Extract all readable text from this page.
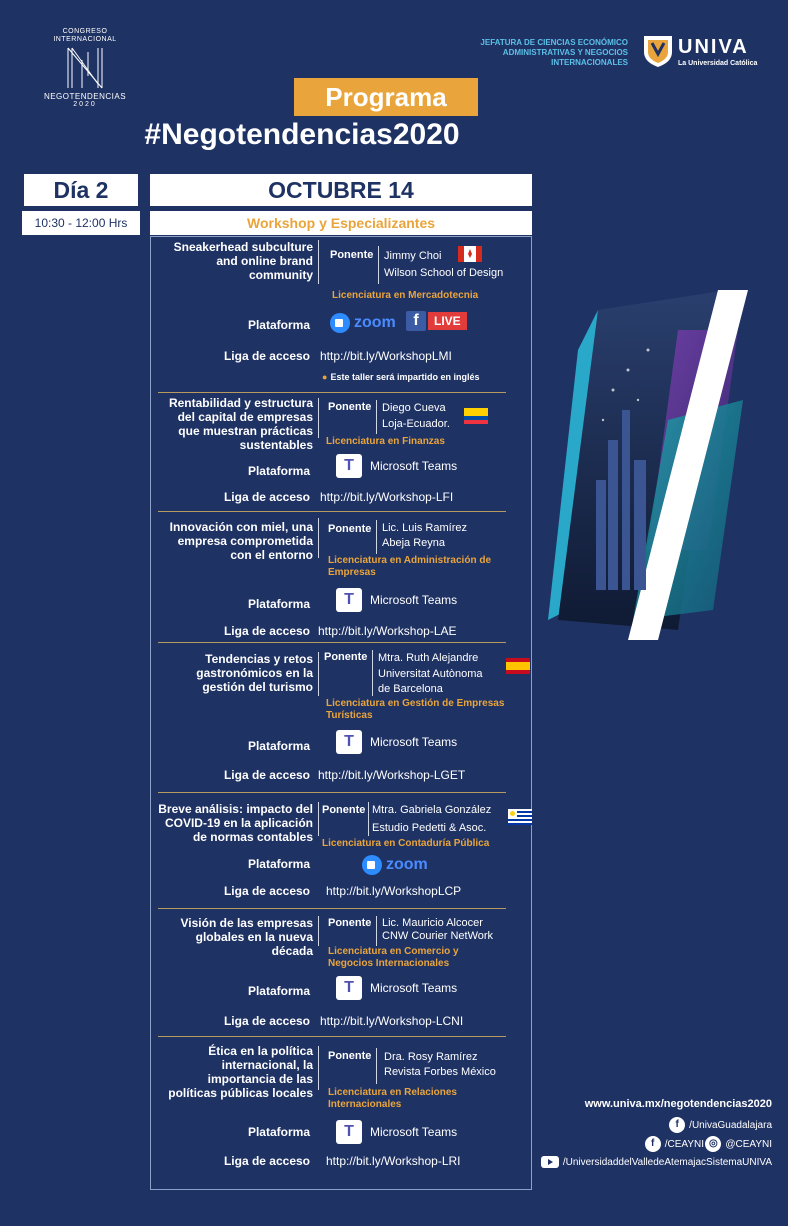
CONGRESO
INTERNACIONAL
NEGOTENDENCIAS
2020
JEFATURA DE CIENCIAS ECONÓMICO ADMINISTRATIVAS Y NEGOCIOS INTERNACIONALES
UNIVA
La Universidad Católica
Programa
#Negotendencias2020
Día 2
10:30 - 12:00 Hrs
OCTUBRE 14
Workshop y Especializantes
Sneakerhead subculture and online brand community
Ponente Jimmy Choi
Wilson School of Design
Licenciatura en Mercadotecnia
Plataforma	zoom	f	LIVE
Liga de acceso http://bit.ly/WorkshopLMI
● Este taller será impartido en inglés
Rentabilidad y estructura del capital de empresas que muestran prácticas sustentables
Ponente Diego Cueva
Loja-Ecuador.
Licenciatura en Finanzas
Plataforma	T	Microsoft Teams
Liga de acceso http://bit.ly/Workshop-LFI
Innovación con miel, una empresa comprometida con el entorno
Ponente Lic. Luis Ramírez
Abeja Reyna
Licenciatura en Administración de Empresas
Plataforma	T	Microsoft Teams
Liga de acceso http://bit.ly/Workshop-LAE
Tendencias y retos gastronómicos en la gestión del turismo
Ponente Mtra. Ruth Alejandre
Universitat Autònoma
de Barcelona
Licenciatura en Gestión de Empresas Turísticas
Plataforma	T	Microsoft Teams
Liga de acceso http://bit.ly/Workshop-LGET
Breve análisis: impacto del COVID-19 en la aplicación de normas contables
Ponente Mtra. Gabriela González
Estudio Pedetti & Asoc.
Licenciatura en Contaduría Pública
Plataforma	zoom
Liga de acceso http://bit.ly/WorkshopLCP
Visión de las empresas globales en la nueva década
Ponente Lic. Mauricio Alcocer
CNW Courier NetWork
Licenciatura en Comercio y Negocios Internacionales
Plataforma	T	Microsoft Teams
Liga de acceso http://bit.ly/Workshop-LCNI
Ética en la política internacional, la importancia de las políticas públicas locales
Ponente Dra. Rosy Ramírez
Revista Forbes México
Licenciatura en Relaciones Internacionales
Plataforma	T	Microsoft Teams
Liga de acceso http://bit.ly/Workshop-LRI
www.univa.mx/negotendencias2020
f	/UnivaGuadalajara
f	/CEAYNI ◎ @CEAYNI
/UniversidaddelValledeAtemajacSistemaUNIVA
